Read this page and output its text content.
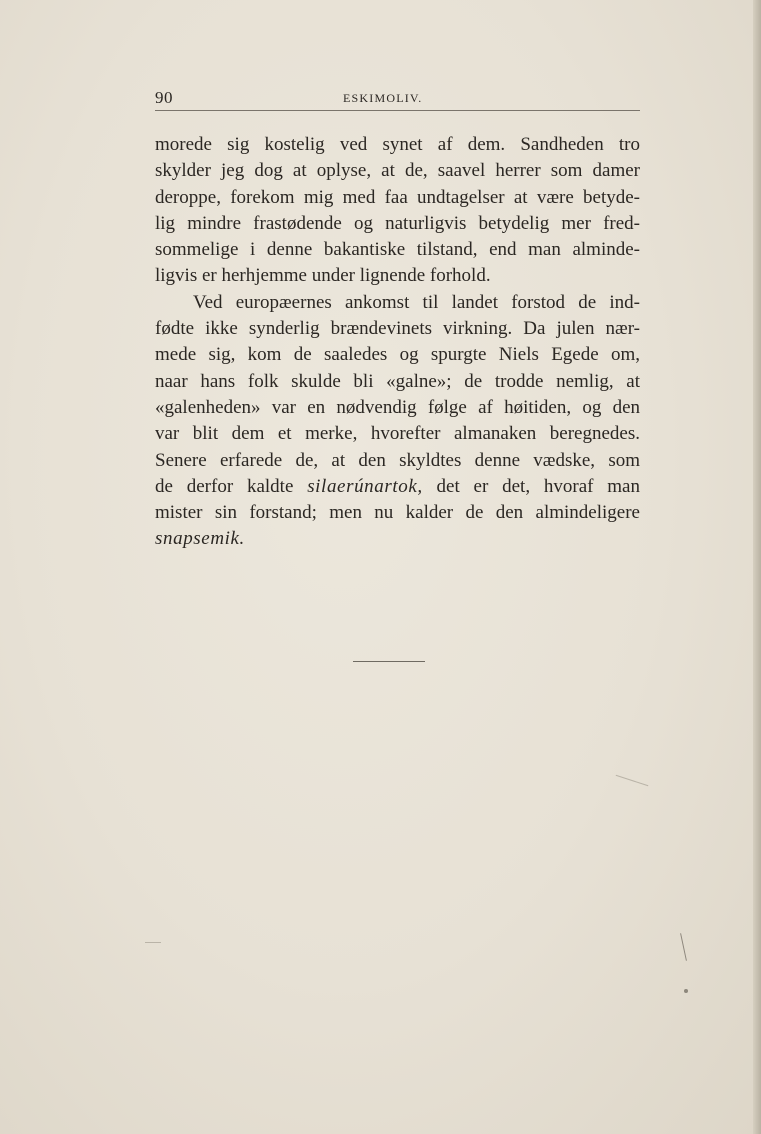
90	ESKIMOLIV.

morede sig kostelig ved synet af dem. Sandheden tro
skylder jeg dog at oplyse, at de, saavel herrer som damer
deroppe, forekom mig med faa undtagelser at være betyde-
lig mindre frastødende og naturligvis betydelig mer fred-
sommelige i denne bakantiske tilstand, end man alminde-
ligvis er herhjemme under lignende forhold.

Ved europæernes ankomst til landet forstod de ind-
fødte ikke synderlig brændevinets virkning. Da julen nær-
mede sig, kom de saaledes og spurgte Niels Egede om,
naar hans folk skulde bli «galne»; de trodde nemlig, at
«galenheden» var en nødvendig følge af høitiden, og den
var blit dem et merke, hvorefter almanaken beregnedes.
Senere erfarede de, at den skyldtes denne vædske, som
de derfor kaldte silaerúnartok, det er det, hvoraf man
mister sin forstand; men nu kalder de den almindeligere
snapsemik.
